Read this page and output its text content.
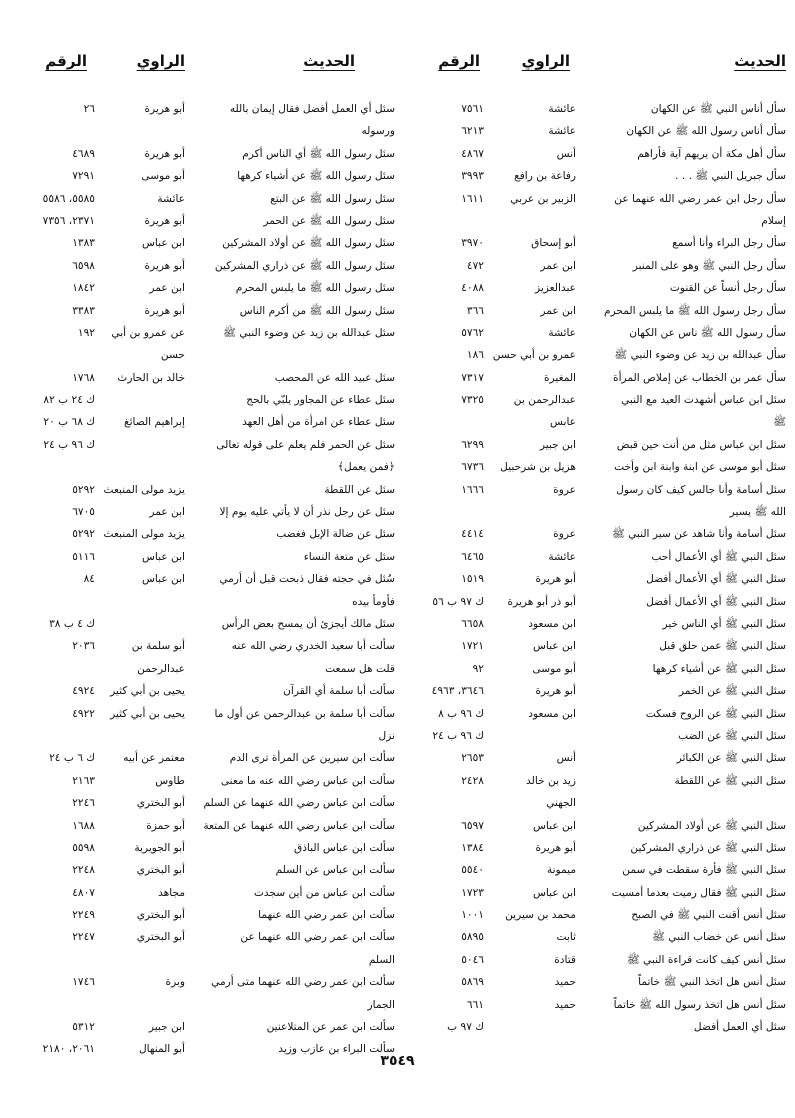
الحديث
الراوي
الرقم
سأل أناس النبي ﷺ عن الكهان
عائشة
٧٥٦١
سأل أناس رسول الله ﷺ عن الكهان
عائشة
٦٢١٣
سأل أهل مكة أن يريهم آية فأراهم
أنس
٤٨٦٧
سأل جبريل النبي ﷺ . . .
رفاعة بن رافع
٣٩٩٣
سأل رجل ابن عمر رضي الله عنهما عن
الزبير بن عربي
١٦١١
إسلام
سأل رجل البراء وأنا أسمع
أبو إسحاق
٣٩٧٠
سأل رجل النبي ﷺ وهو على المنبر
ابن عمر
٤٧٢
سأل رجل أنساً عن القنوت
عبدالعزيز
٤٠٨٨
سأل رجل رسول الله ﷺ ما يلبس المحرم
ابن عمر
٣٦٦
سأل رسول الله ﷺ ناس عن الكهان
عائشة
٥٧٦٢
سأل عبدالله بن زيد عن وضوء النبي ﷺ
عمرو بن أبي حسن
١٨٦
سأل عمر بن الخطاب عن إملاص المرأة
المغيرة
٧٣١٧
سئل ابن عباس أشهدت العيد مع النبي
عبدالرحمن بن
٧٣٢٥
ﷺ
عابس
سئل ابن عباس مثل من أنت حين قبض
ابن جبير
٦٢٩٩
سئل أبو موسى عن ابنة وابنة ابن وأخت
هزيل بن شرحبيل
٦٧٣٦
سئل أسامة وأنا جالس كيف كان رسول
عروة
١٦٦٦
الله ﷺ يسير
سئل أسامة وأنا شاهد عن سير النبي ﷺ
عروة
٤٤١٤
سئل النبي ﷺ أي الأعمال أحب
عائشة
٦٤٦٥
سئل النبي ﷺ أي الأعمال أفضل
أبو هريرة
١٥١٩
سئل النبي ﷺ أي الأعمال أفضل
أبو ذر أبو هريرة
ك ٩٧ ب ٥٦
سئل النبي ﷺ أي الناس خير
ابن مسعود
٦٦٥٨
سئل النبي ﷺ عمن حلق قبل
ابن عباس
١٧٢١
سئل النبي ﷺ عن أشياء كرهها
أبو موسى
٩٢
سئل النبي ﷺ عن الخمر
أبو هريرة
٣٦٤٦، ٤٩٦٣
سئل النبي ﷺ عن الروح فسكت
ابن مسعود
ك ٩٦ ب ٨
سئل النبي ﷺ عن الضب
ك ٩٦ ب ٢٤
سئل النبي ﷺ عن الكبائر
أنس
٢٦٥٣
سئل النبي ﷺ عن اللقطة
زيد بن خالد
٢٤٢٨
الجهني
سئل النبي ﷺ عن أولاد المشركين
ابن عباس
٦٥٩٧
سئل النبي ﷺ عن ذراري المشركين
أبو هريرة
١٣٨٤
سئل النبي ﷺ فأرة سقطت في سمن
ميمونة
٥٥٤٠
سئل النبي ﷺ فقال رميت بعدما أمسيت
ابن عباس
١٧٢٣
سئل أنس أقنت النبي ﷺ في الصبح
محمد بن سيرين
١٠٠١
سئل أنس عن خضاب النبي ﷺ
ثابت
٥٨٩٥
سئل أنس كيف كانت قراءة النبي ﷺ
قتادة
٥٠٤٦
سئل أنس هل اتخذ النبي ﷺ خاتماً
حميد
٥٨٦٩
سئل أنس هل اتخذ رسول الله ﷺ خاتماً
حميد
٦٦١
سئل أي العمل أفضل
ك ٩٧ ب
الحديث
الراوي
الرقم
سئل أي العمل أفضل فقال إيمان بالله
أبو هريرة
٢٦
ورسوله
سئل رسول الله ﷺ أي الناس أكرم
أبو هريرة
٤٦٨٩
سئل رسول الله ﷺ عن أشياء كرهها
أبو موسى
٧٢٩١
سئل رسول الله ﷺ عن البتع
عائشة
٥٥٨٥، ٥٥٨٦
سئل رسول الله ﷺ عن الحمر
أبو هريرة
٢٣٧١، ٧٣٥٦
سئل رسول الله ﷺ عن أولاد المشركين
ابن عباس
١٣٨٣
سئل رسول الله ﷺ عن ذراري المشركين
أبو هريرة
٦٥٩٨
سئل رسول الله ﷺ ما يلبس المحرم
ابن عمر
١٨٤٢
سئل رسول الله ﷺ من أكرم الناس
أبو هريرة
٣٣٨٣
سئل عبدالله بن زيد عن وضوء النبي ﷺ
عن عمرو بن أبي
١٩٢
حسن
سئل عبيد الله عن المحصب
خالد بن الحارث
١٧٦٨
سئل عطاء عن المجاور يلبّي بالحج
ك ٢٤ ب ٨٢
سئل عطاء عن امرأة من أهل العهد
إبراهيم الصائغ
ك ٦٨ ب ٢٠
سئل عن الحمر فلم يعلم على قوله تعالى
ك ٩٦ ب ٢٤
﴿فمن يعمل﴾
سئل عن اللقطة
يزيد مولى المنبعث
٥٢٩٢
سئل عن رجل نذر أن لا يأتي عليه يوم إلا
ابن عمر
٦٧٠٥
سئل عن ضالة الإبل فغضب
يزيد مولى المنبعث
٥٢٩٢
سئل عن متعة النساء
ابن عباس
٥١١٦
سُئل في حجته فقال ذبحت قبل أن أرمي
ابن عباس
٨٤
فأومأ بيده
سئل مالك أيجزئ أن يمسح بعض الرأس
ك ٤ ب ٣٨
سألت أبا سعيد الخدري رضي الله عنه
أبو سلمة بن
٢٠٣٦
قلت هل سمعت
عبدالرحمن
سألت أبا سلمة أي القرآن
يحيى بن أبي كثير
٤٩٢٤
سألت أبا سلمة بن عبدالرحمن عن أول ما
يحيى بن أبي كثير
٤٩٢٢
نزل
سألت ابن سيرين عن المرأة ترى الدم
معتمر عن أبيه
ك ٦ ب ٢٤
سألت ابن عباس رضي الله عنه ما معنى
طاوس
٢١٦٣
سألت ابن عباس رضي الله عنهما عن السلم
أبو البختري
٢٢٤٦
سألت ابن عباس رضي الله عنهما عن المتعة
أبو حمزة
١٦٨٨
سألت ابن عباس الباذق
أبو الجويرية
٥٥٩٨
سألت ابن عباس عن السلم
أبو البختري
٢٢٤٨
سألت ابن عباس من أين سجدت
مجاهد
٤٨٠٧
سألت ابن عمر رضي الله عنهما
أبو البختري
٢٢٤٩
سألت ابن عمر رضي الله عنهما عن
أبو البختري
٢٢٤٧
السلم
سألت ابن عمر رضي الله عنهما متى أرمي
وبرة
١٧٤٦
الجمار
سألت ابن عمر عن المتلاعنين
ابن جبير
٥٣١٢
سألت البراء بن عازب وزيد
أبو المنهال
٢٠٦١، ٢١٨٠
٣٥٤٩
